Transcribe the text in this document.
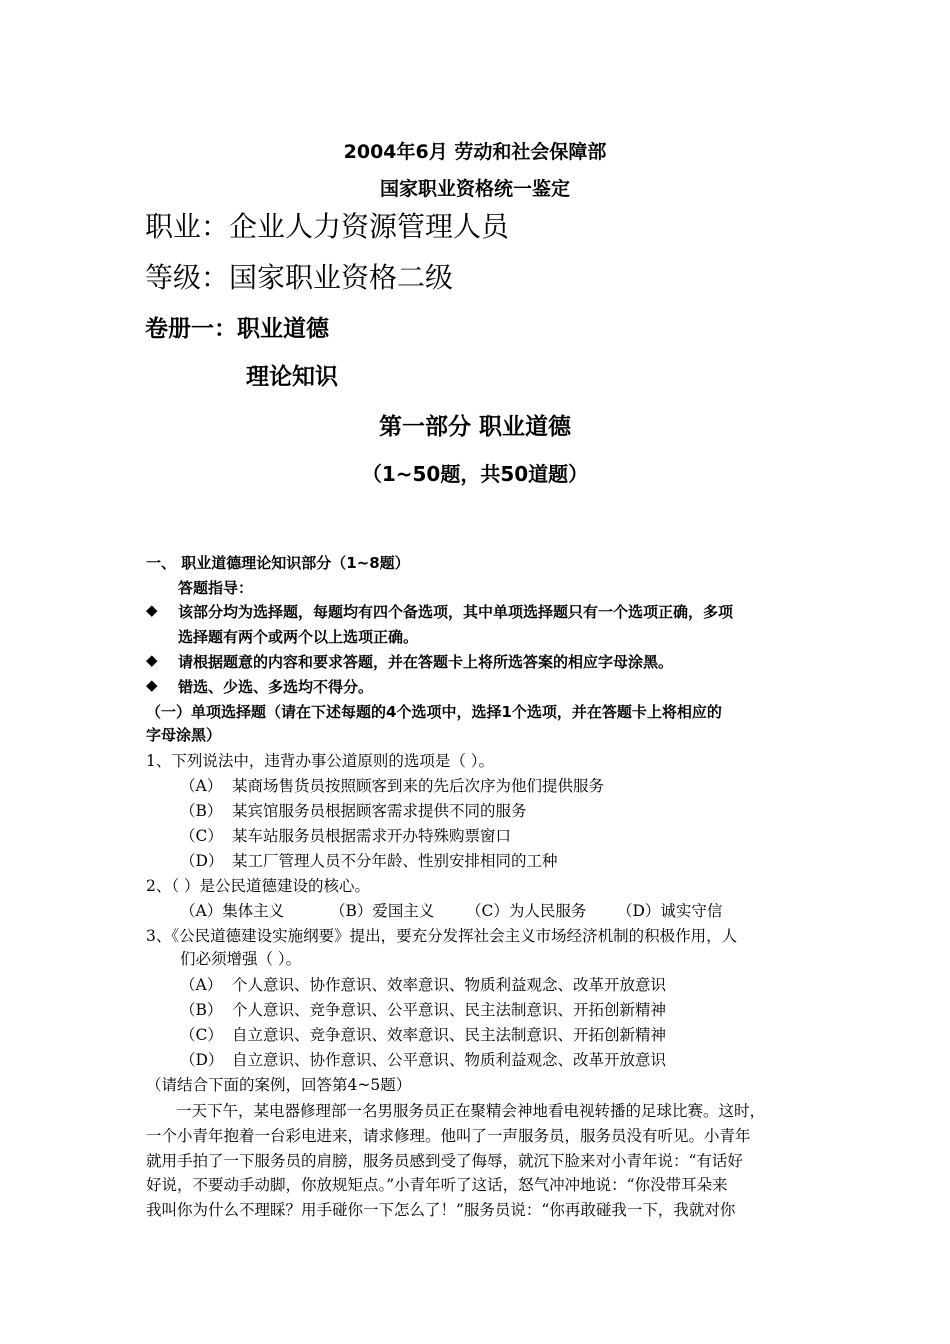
2004年6月 劳动和社会保障部
国家职业资格统一鉴定
职业：企业人力资源管理人员
等级：国家职业资格二级
卷册一：职业道德
理论知识
第一部分 职业道德
（1~50题，共50道题）
一、 职业道德理论知识部分（1~8题）
答题指导：
◆ 该部分均为选择题，每题均有四个备选项，其中单项选择题只有一个选项正确，多项
选择题有两个或两个以上选项正确。
◆ 请根据题意的内容和要求答题，并在答题卡上将所选答案的相应字母涂黑。
◆ 错选、少选、多选均不得分。
（一）单项选择题（请在下述每题的4个选项中，选择1个选项，并在答题卡上将相应的
字母涂黑）
1、下列说法中，违背办事公道原则的选项是（ ）。
（A） 某商场售货员按照顾客到来的先后次序为他们提供服务
（B） 某宾馆服务员根据顾客需求提供不同的服务
（C） 某车站服务员根据需求开办特殊购票窗口
（D） 某工厂管理人员不分年龄、性别安排相同的工种
2、（ ）是公民道德建设的核心。
（A）集体主义	（B）爱国主义 （C）为人民服务 （D）诚实守信
3、《公民道德建设实施纲要》提出，要充分发挥社会主义市场经济机制的积极作用，人
们必须增强（ ）。
（A） 个人意识、协作意识、效率意识、物质利益观念、改革开放意识
（B） 个人意识、竞争意识、公平意识、民主法制意识、开拓创新精神
（C） 自立意识、竞争意识、效率意识、民主法制意识、开拓创新精神
（D） 自立意识、协作意识、公平意识、物质利益观念、改革开放意识
（请结合下面的案例，回答第4~5题）
一天下午，某电器修理部一名男服务员正在聚精会神地看电视转播的足球比赛。这时，
一个小青年抱着一台彩电进来，请求修理。他叫了一声服务员，服务员没有听见。小青年
就用手拍了一下服务员的肩膀，服务员感到受了侮辱，就沉下脸来对小青年说：“有话好
好说，不要动手动脚，你放规矩点。”小青年听了这话，怒气冲冲地说：“你没带耳朵来
我叫你为什么不理睬？用手碰你一下怎么了！”服务员说：“你再敢碰我一下，我就对你
